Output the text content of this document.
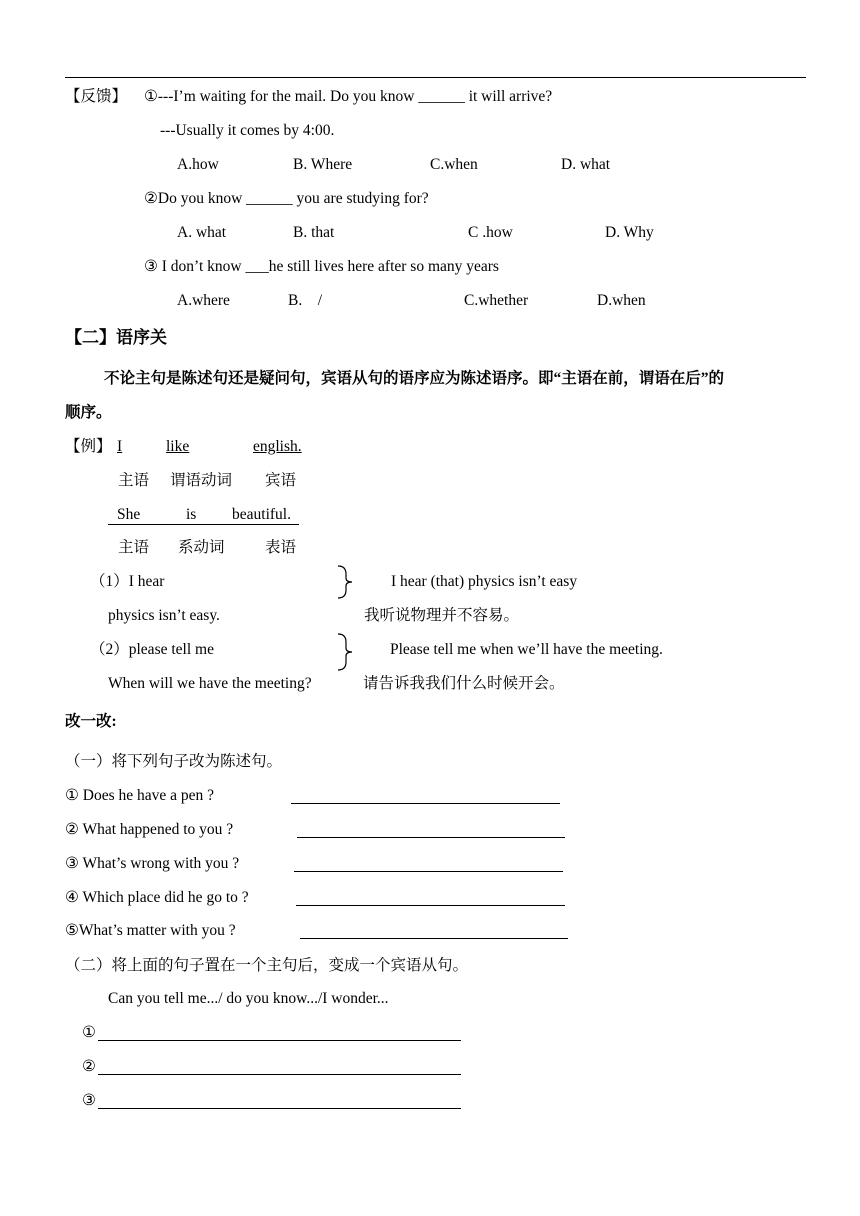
【反馈】 ①---I’m waiting for the mail. Do you know ______ it will arrive?
---Usually it comes by 4:00.
A.how	B. Where	C.when	D. what
②Do you know ______ you are studying for?
A. what	B. that	C .how	D. Why
③ I don’t know ___he still lives here after so many years
A.where	B.　/	C.whether	D.when
【二】语序关
不论主句是陈述句还是疑问句，宾语从句的语序应为陈述语序。即“主语在前，谓语在后”的
顺序。
【例】 I	like	english.
主语 谓语动词 宾语
She	is beautiful.
主语 系动词	表语
（1）I hear
physics isn’t easy.
I hear (that) physics isn’t easy
我听说物理并不容易。
（2）please tell me
When will we have the meeting?
Please tell me when we’ll have the meeting.
请告诉我我们什么时候开会。
改一改:
（一）将下列句子改为陈述句。
① Does he have a pen ?
② What happened to you ?
③ What’s wrong with you ?
④ Which place did he go to ?
⑤What’s matter with you ?
（二）将上面的句子置在一个主句后，变成一个宾语从句。
Can you tell me.../ do you know.../I wonder...
①
②
③
